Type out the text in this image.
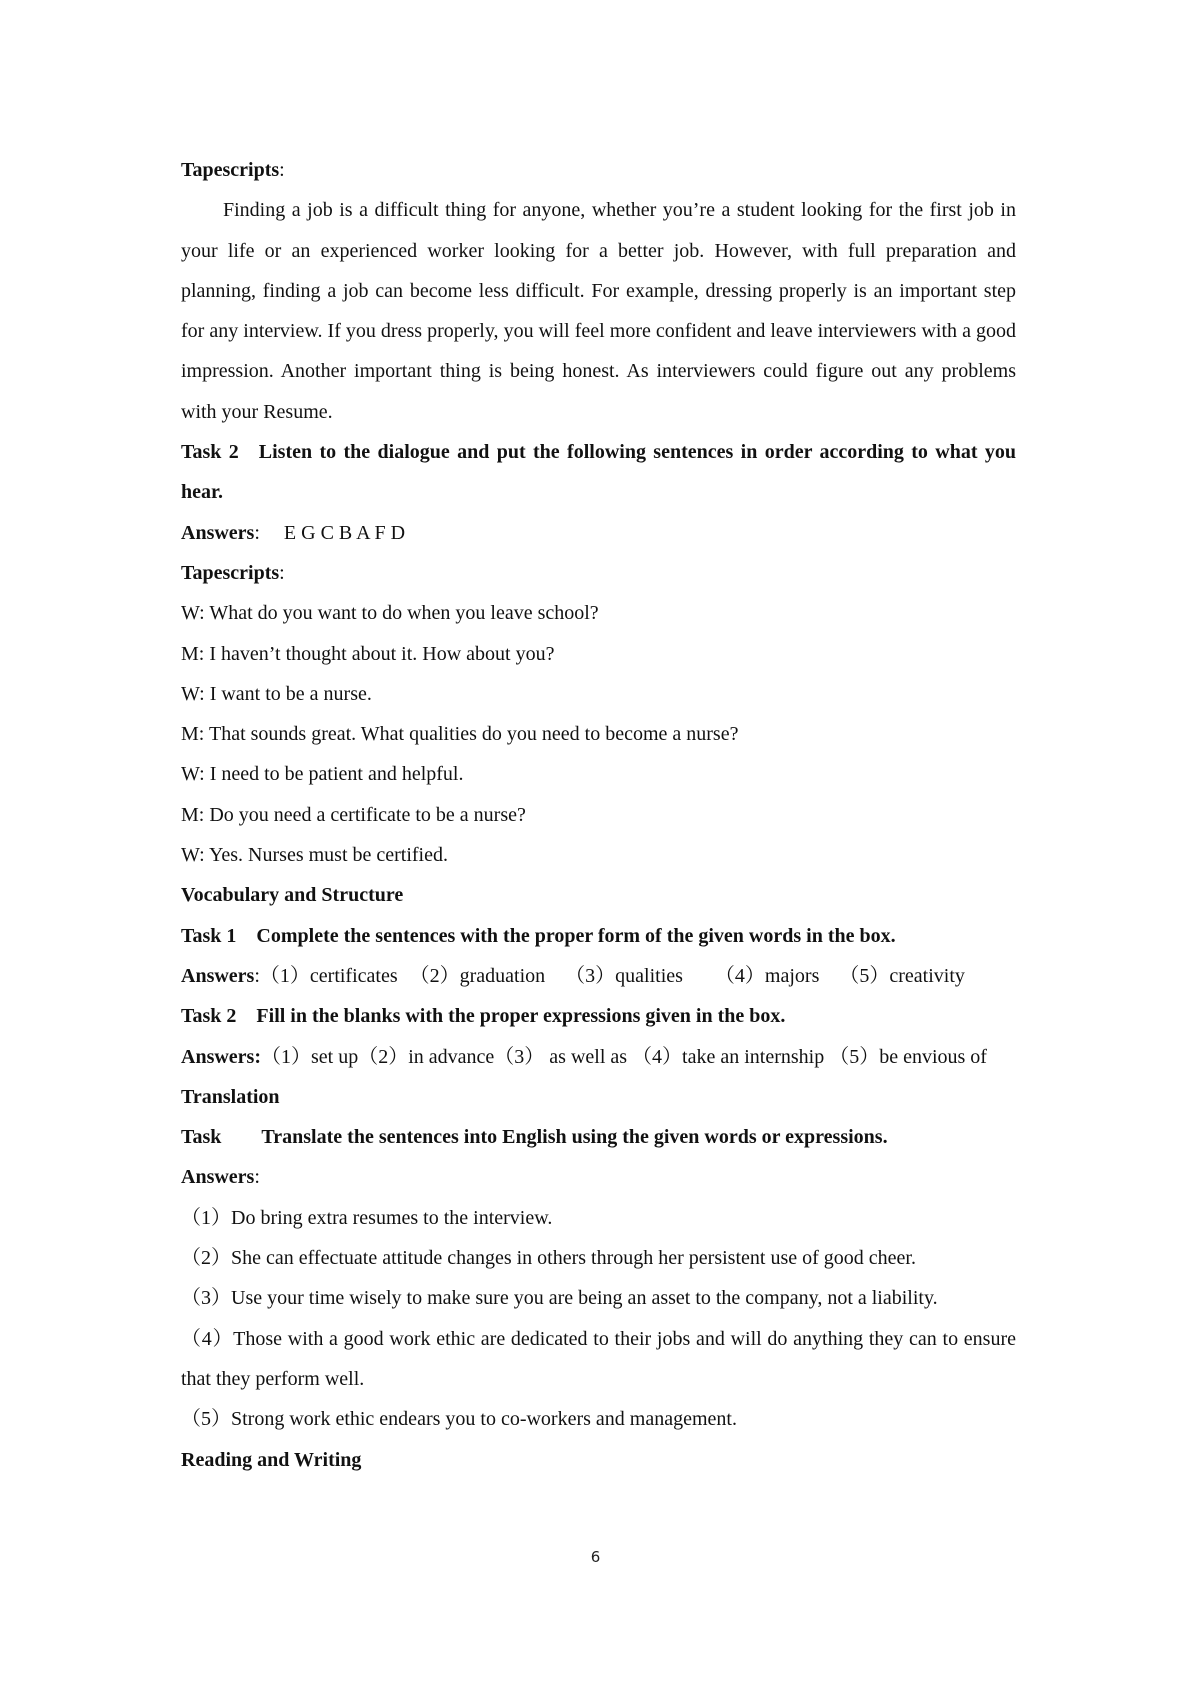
Tapescripts:
Finding a job is a difficult thing for anyone, whether you’re a student looking for the first job in your life or an experienced worker looking for a better job. However, with full preparation and planning, finding a job can become less difficult. For example, dressing properly is an important step for any interview. If you dress properly, you will feel more confident and leave interviewers with a good impression. Another important thing is being honest. As interviewers could figure out any problems with your Resume.
Task 2 Listen to the dialogue and put the following sentences in order according to what you hear.
Answers: E G C B A F D
Tapescripts:
W: What do you want to do when you leave school?
M: I haven’t thought about it. How about you?
W: I want to be a nurse.
M: That sounds great. What qualities do you need to become a nurse?
W: I need to be patient and helpful.
M: Do you need a certificate to be a nurse?
W: Yes. Nurses must be certified.
Vocabulary and Structure
Task 1 Complete the sentences with the proper form of the given words in the box.
Answers:（1）certificates （2）graduation （3）qualities （4）majors （5）creativity
Task 2 Fill in the blanks with the proper expressions given in the box.
Answers:（1）set up（2）in advance（3） as well as （4）take an internship （5）be envious of
Translation
Task Translate the sentences into English using the given words or expressions.
Answers:
（1）Do bring extra resumes to the interview.
（2）She can effectuate attitude changes in others through her persistent use of good cheer.
（3）Use your time wisely to make sure you are being an asset to the company, not a liability.
（4）Those with a good work ethic are dedicated to their jobs and will do anything they can to ensure that they perform well.
（5）Strong work ethic endears you to co-workers and management.
Reading and Writing
6
